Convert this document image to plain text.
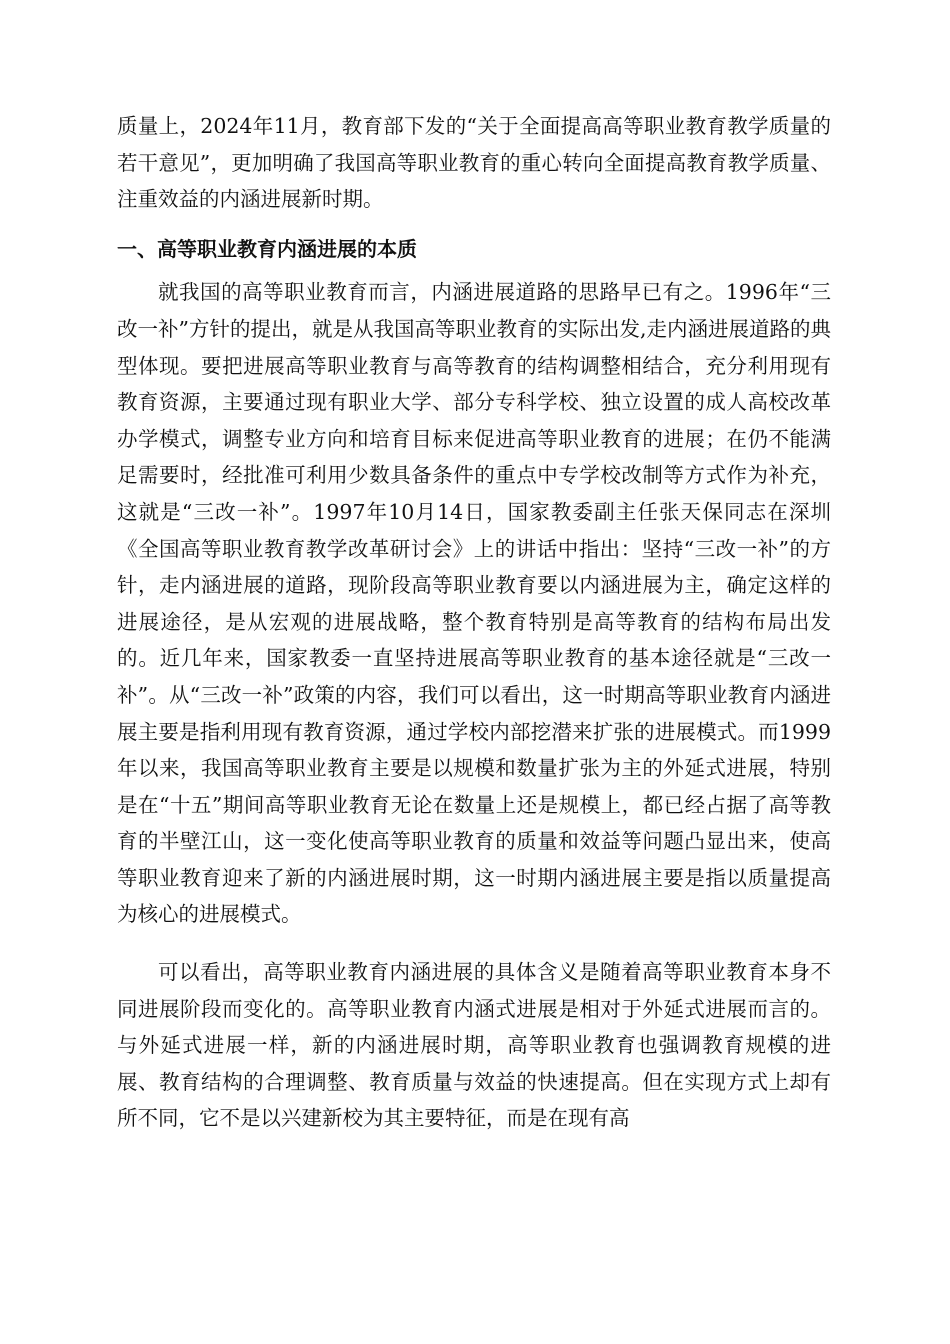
质量上，2024年11月，教育部下发的“关于全面提高高等职业教育教学质量的若干意见”，更加明确了我国高等职业教育的重心转向全面提高教育教学质量、注重效益的内涵进展新时期。

一、高等职业教育内涵进展的本质

就我国的高等职业教育而言，内涵进展道路的思路早已有之。1996年“三改一补”方针的提出，就是从我国高等职业教育的实际出发,走内涵进展道路的典型体现。要把进展高等职业教育与高等教育的结构调整相结合，充分利用现有教育资源，主要通过现有职业大学、部分专科学校、独立设置的成人高校改革办学模式，调整专业方向和培育目标来促进高等职业教育的进展；在仍不能满足需要时，经批准可利用少数具备条件的重点中专学校改制等方式作为补充，这就是“三改一补”。1997年10月14日，国家教委副主任张天保同志在深圳《全国高等职业教育教学改革研讨会》上的讲话中指出：坚持“三改一补”的方针，走内涵进展的道路，现阶段高等职业教育要以内涵进展为主，确定这样的进展途径，是从宏观的进展战略，整个教育特别是高等教育的结构布局出发的。近几年来，国家教委一直坚持进展高等职业教育的基本途径就是“三改一补”。从“三改一补”政策的内容，我们可以看出，这一时期高等职业教育内涵进展主要是指利用现有教育资源，通过学校内部挖潜来扩张的进展模式。而1999年以来，我国高等职业教育主要是以规模和数量扩张为主的外延式进展，特别是在“十五”期间高等职业教育无论在数量上还是规模上，都已经占据了高等教育的半壁江山，这一变化使高等职业教育的质量和效益等问题凸显出来，使高等职业教育迎来了新的内涵进展时期，这一时期内涵进展主要是指以质量提高为核心的进展模式。

可以看出，高等职业教育内涵进展的具体含义是随着高等职业教育本身不同进展阶段而变化的。高等职业教育内涵式进展是相对于外延式进展而言的。与外延式进展一样，新的内涵进展时期，高等职业教育也强调教育规模的进展、教育结构的合理调整、教育质量与效益的快速提高。但在实现方式上却有所不同，它不是以兴建新校为其主要特征，而是在现有高
